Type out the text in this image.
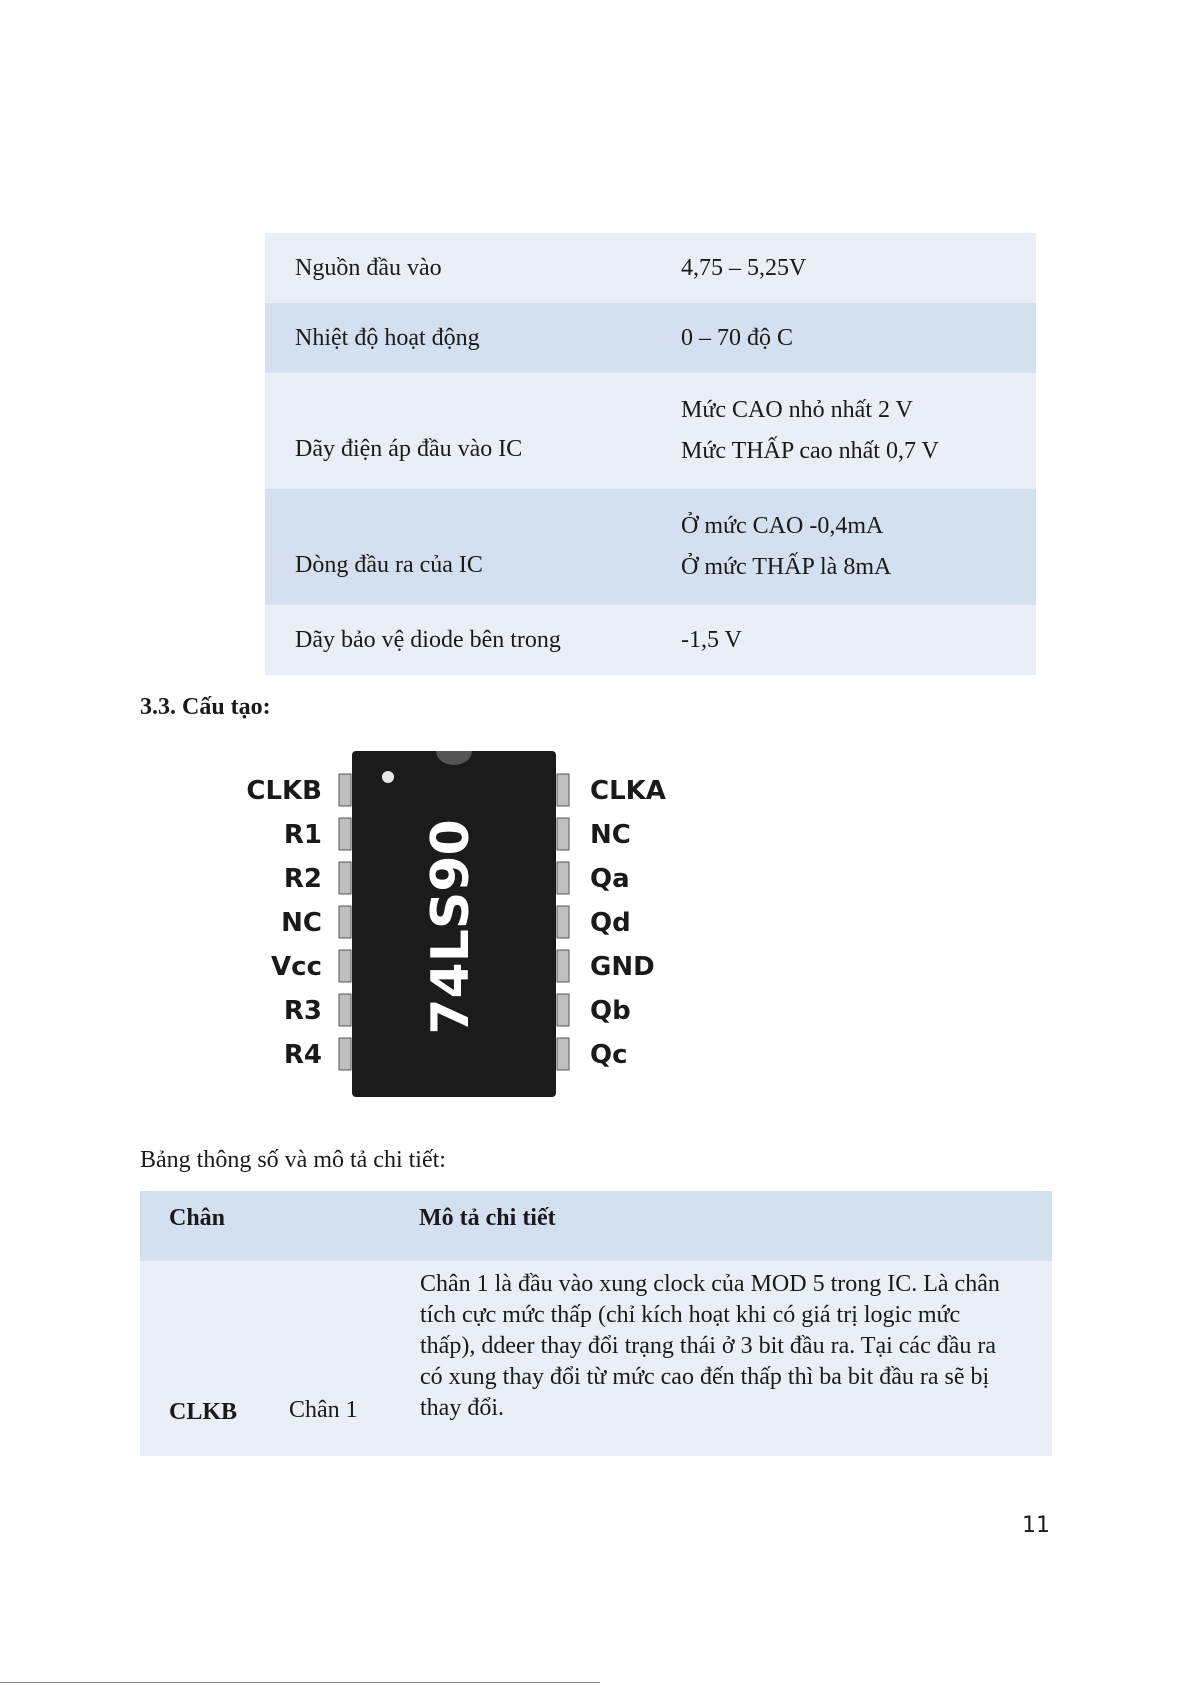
Nguồn đầu vào	4,75 – 5,25V
Nhiệt độ hoạt động	0 – 70 độ C
Dãy điện áp đầu vào IC	Mức CAO nhỏ nhất 2 V
Mức THẤP cao nhất 0,7 V

Dòng đầu ra của IC	Ở mức CAO -0,4mA
Ở mức THẤP là 8mA

Dãy bảo vệ diode bên trong	-1,5 V
3.3. Cấu tạo:
74LS90
CLKB
R1
R2
NC
Vcc
R3
R4
CLKA
NC
Qa
Qd
GND
Qb
Qc
Bảng thông số và mô tả chi tiết:
Chân		Mô tả chi tiết
CLKB	Chân 1	Chân 1 là đầu vào xung clock của MOD 5 trong IC. Là chân tích cực mức thấp (chỉ kích hoạt khi có giá trị logic mức thấp), ddeer thay đổi trạng thái ở 3 bit đầu ra. Tại các đầu ra có xung thay đổi từ mức cao đến thấp thì ba bit đầu ra sẽ bị thay đổi.
11
